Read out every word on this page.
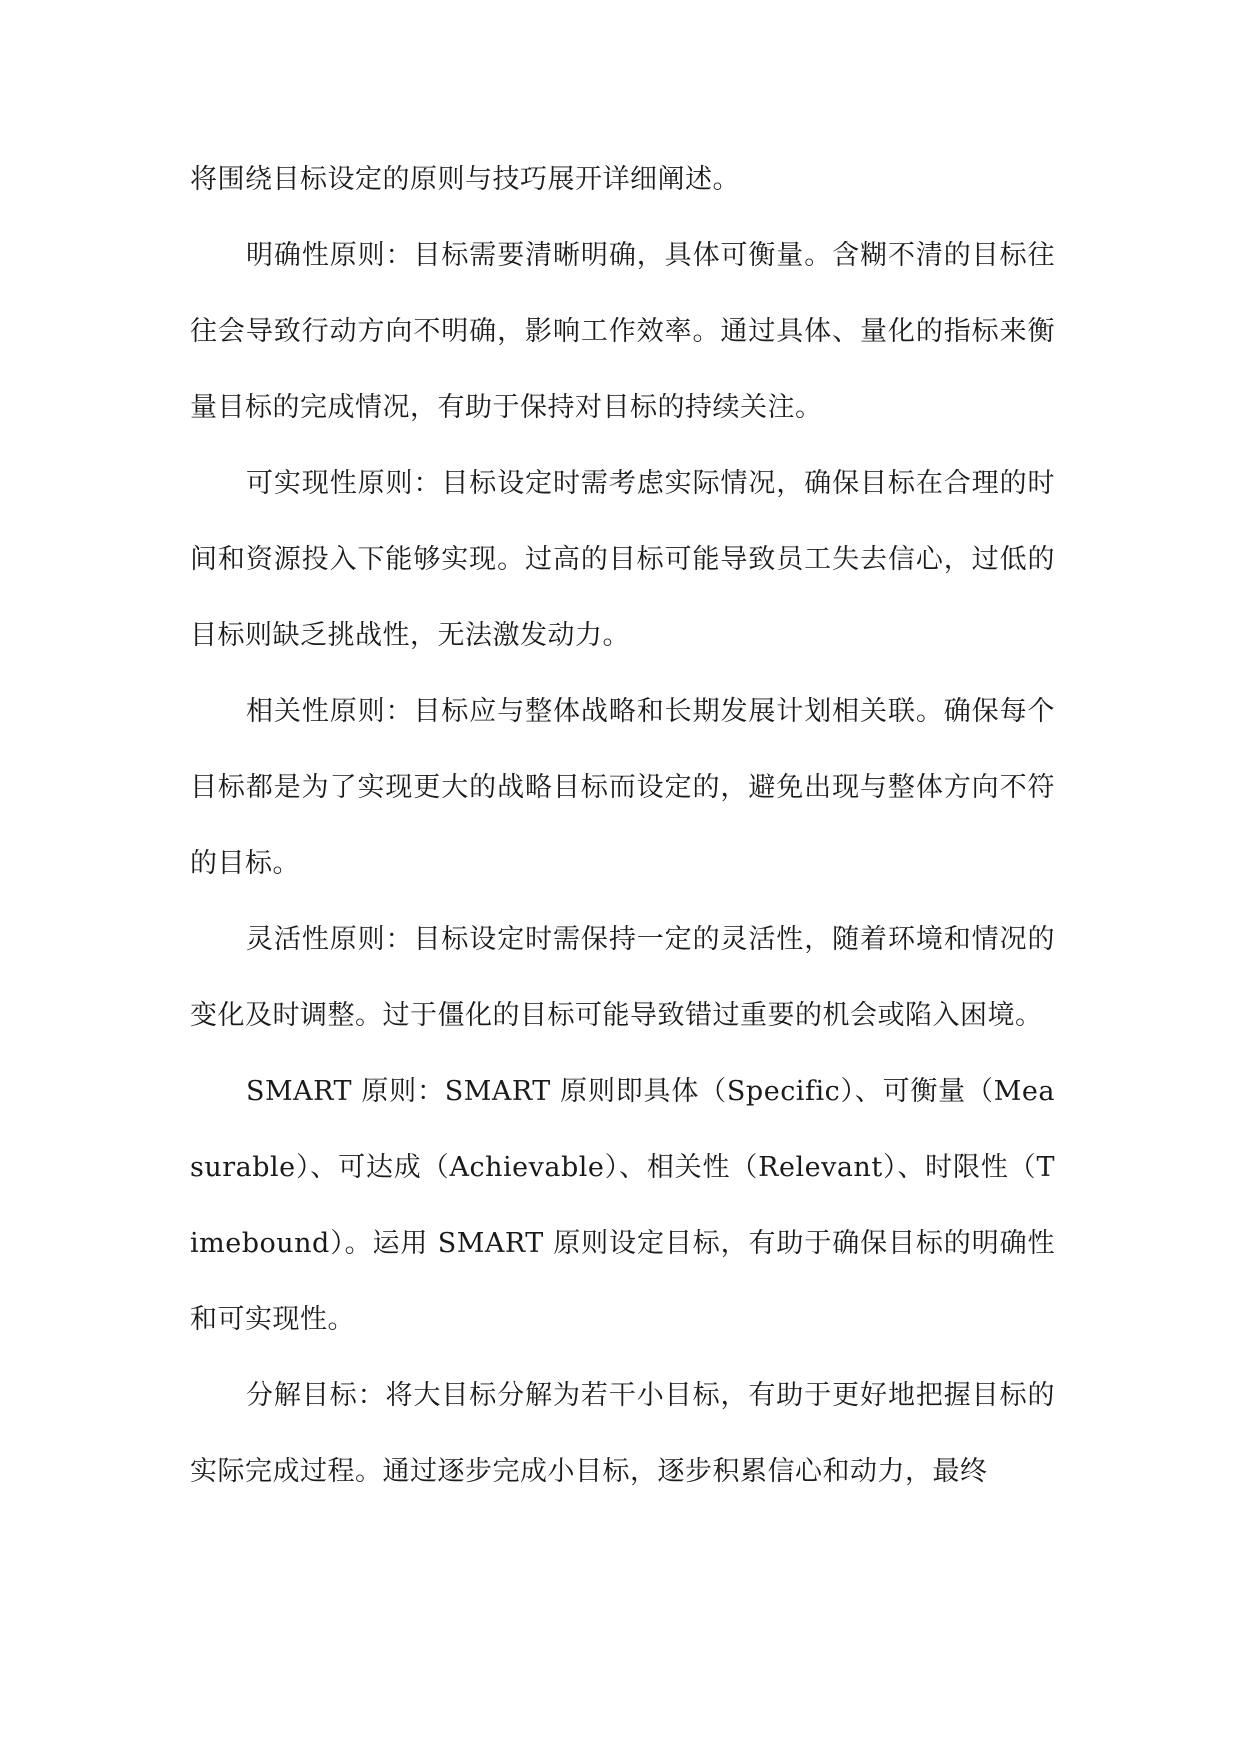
将围绕目标设定的原则与技巧展开详细阐述。

明确性原则：目标需要清晰明确，具体可衡量。含糊不清的目标往往会导致行动方向不明确，影响工作效率。通过具体、量化的指标来衡量目标的完成情况，有助于保持对目标的持续关注。

可实现性原则：目标设定时需考虑实际情况，确保目标在合理的时间和资源投入下能够实现。过高的目标可能导致员工失去信心，过低的目标则缺乏挑战性，无法激发动力。

相关性原则：目标应与整体战略和长期发展计划相关联。确保每个目标都是为了实现更大的战略目标而设定的，避免出现与整体方向不符的目标。

灵活性原则：目标设定时需保持一定的灵活性，随着环境和情况的变化及时调整。过于僵化的目标可能导致错过重要的机会或陷入困境。

SMART 原则：SMART 原则即具体（Specific）、可衡量（Measurable）、可达成（Achievable）、相关性（Relevant）、时限性（Timebound）。运用 SMART 原则设定目标，有助于确保目标的明确性和可实现性。

分解目标：将大目标分解为若干小目标，有助于更好地把握目标的实际完成过程。通过逐步完成小目标，逐步积累信心和动力，最终
